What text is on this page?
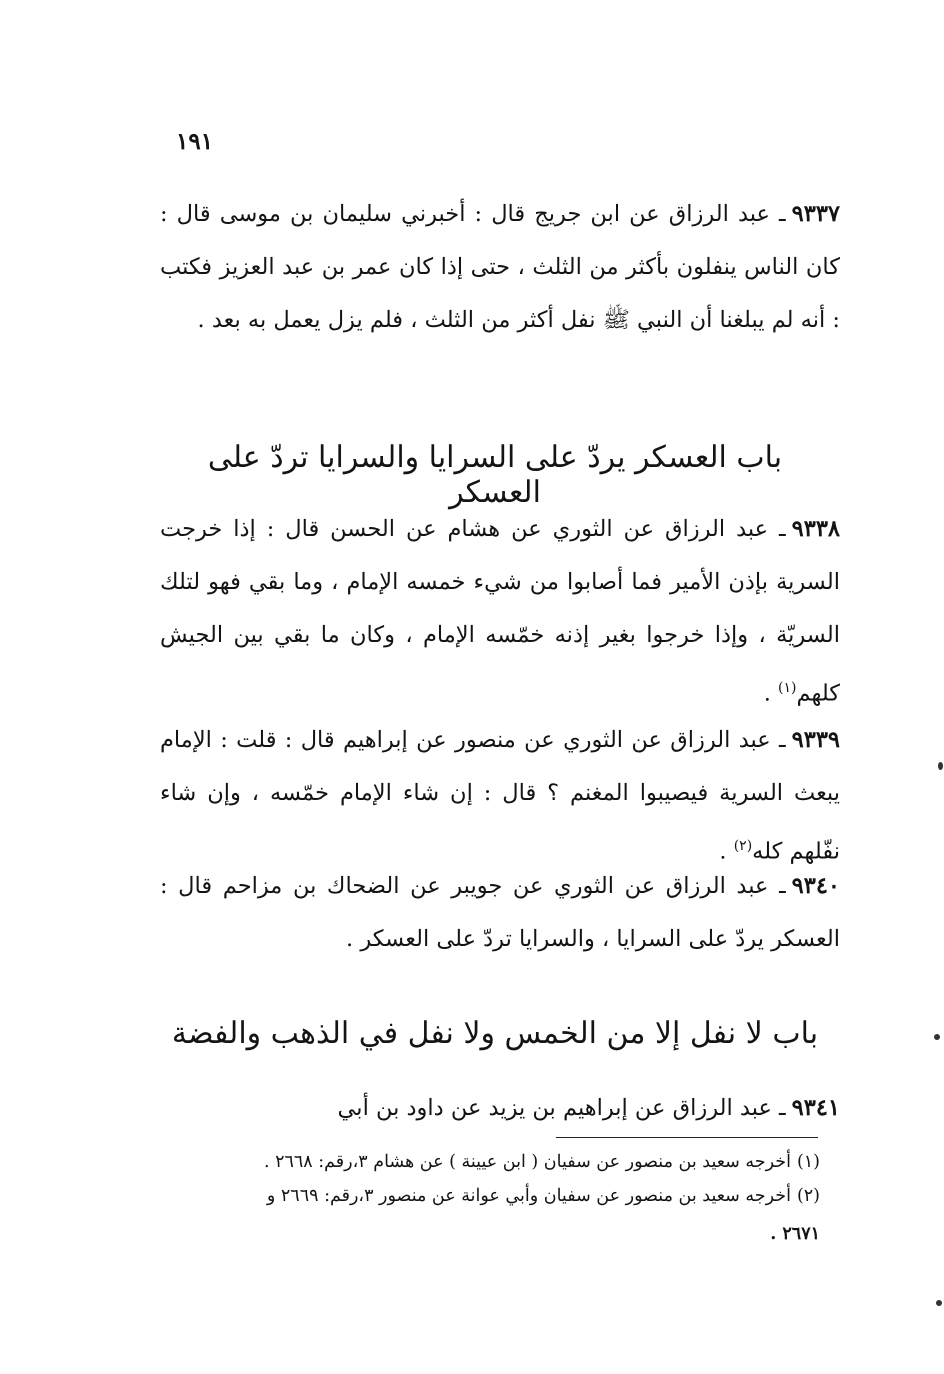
١٩١
٩٣٣٧ـ عبد الرزاق عن ابن جريج قال : أخبرني سليمان بن موسى قال : كان الناس ينفلون بأكثر من الثلث ، حتى إذا كان عمر بن عبد العزيز فكتب : أنه لم يبلغنا أن النبي ﷺ نفل أكثر من الثلث ، فلم يزل يعمل به بعد .
باب العسكر يردّ على السرايا والسرايا تردّ على العسكر
٩٣٣٨ـ عبد الرزاق عن الثوري عن هشام عن الحسن قال : إذا خرجت السرية بإذن الأمير فما أصابوا من شيء خمسه الإمام ، وما بقي فهو لتلك السريّة ، وإذا خرجوا بغير إذنه خمّسه الإمام ، وكان ما بقي بين الجيش كلهم$^{(١)}$ .
٩٣٣٩ـ عبد الرزاق عن الثوري عن منصور عن إبراهيم قال : قلت : الإمام يبعث السرية فيصيبوا المغنم ؟ قال : إن شاء الإمام خمّسه ، وإن شاء نفّلهم كله$^{(٢)}$ .
٩٣٤٠ـ عبد الرزاق عن الثوري عن جويبر عن الضحاك بن مزاحم قال : العسكر يردّ على السرايا ، والسرايا تردّ على العسكر .
باب لا نفل إلا من الخمس ولا نفل في الذهب والفضة
٩٣٤١ـ عبد الرزاق عن إبراهيم بن يزيد عن داود بن أبي
(١)أخرجه سعيد بن منصور عن سفيان ( ابن عيينة ) عن هشام ٣،رقم: ٢٦٦٨ .
(٢)أخرجه سعيد بن منصور عن سفيان وأبي عوانة عن منصور ٣،رقم: ٢٦٦٩ و
٢٦٧١ .
